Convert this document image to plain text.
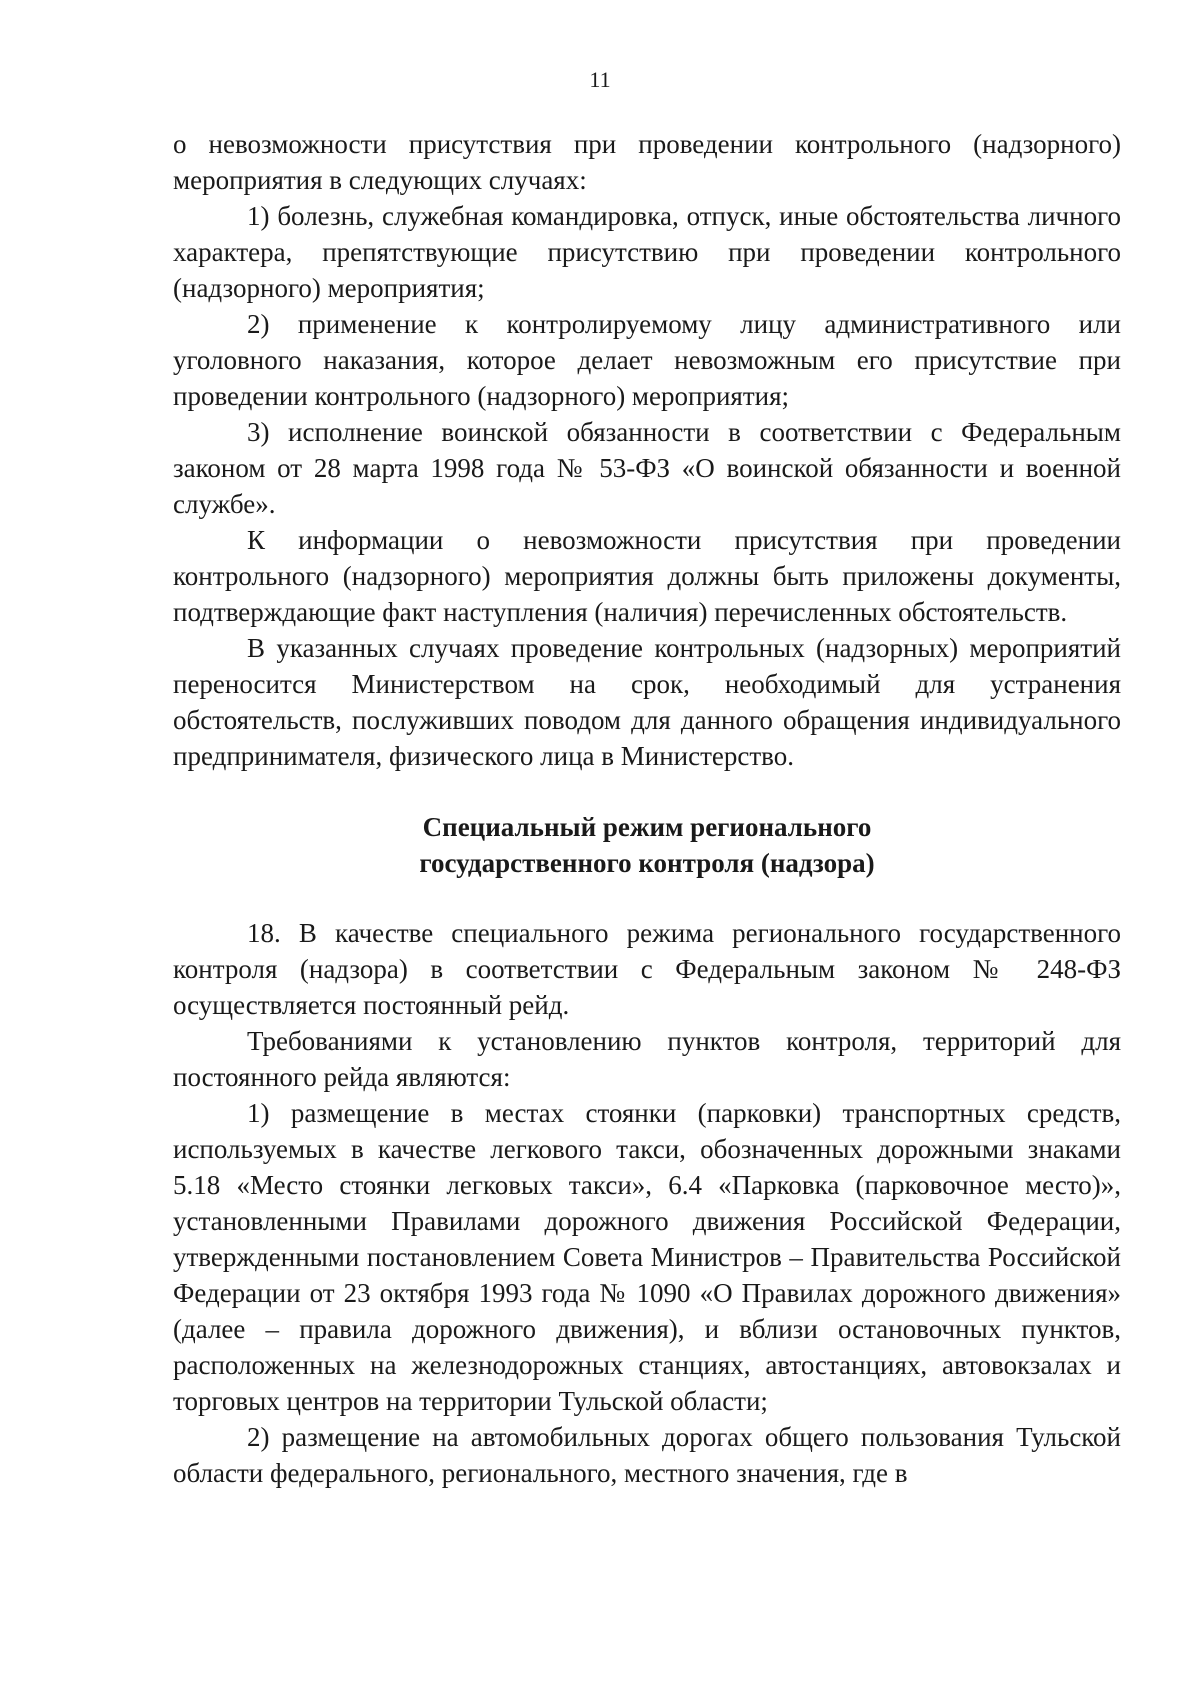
11

о невозможности присутствия при проведении контрольного (надзорного) мероприятия в следующих случаях:

1) болезнь, служебная командировка, отпуск, иные обстоятельства личного характера, препятствующие присутствию при проведении контрольного (надзорного) мероприятия;

2) применение к контролируемому лицу административного или уголовного наказания, которое делает невозможным его присутствие при проведении контрольного (надзорного) мероприятия;

3) исполнение воинской обязанности в соответствии с Федеральным законом от 28 марта 1998 года № 53-ФЗ «О воинской обязанности и военной службе».

К информации о невозможности присутствия при проведении контрольного (надзорного) мероприятия должны быть приложены документы, подтверждающие факт наступления (наличия) перечисленных обстоятельств.

В указанных случаях проведение контрольных (надзорных) мероприятий переносится Министерством на срок, необходимый для устранения обстоятельств, послуживших поводом для данного обращения индивидуального предпринимателя, физического лица в Министерство.

Специальный режим регионального
государственного контроля (надзора)

18. В качестве специального режима регионального государственного контроля (надзора) в соответствии с Федеральным законом № 248-ФЗ осуществляется постоянный рейд.

Требованиями к установлению пунктов контроля, территорий для постоянного рейда являются:

1) размещение в местах стоянки (парковки) транспортных средств, используемых в качестве легкового такси, обозначенных дорожными знаками 5.18 «Место стоянки легковых такси», 6.4 «Парковка (парковочное место)», установленными Правилами дорожного движения Российской Федерации, утвержденными постановлением Совета Министров – Правительства Российской Федерации от 23 октября 1993 года № 1090 «О Правилах дорожного движения» (далее – правила дорожного движения), и вблизи остановочных пунктов, расположенных на железнодорожных станциях, автостанциях, автовокзалах и торговых центров на территории Тульской области;

2) размещение на автомобильных дорогах общего пользования Тульской области федерального, регионального, местного значения, где в
